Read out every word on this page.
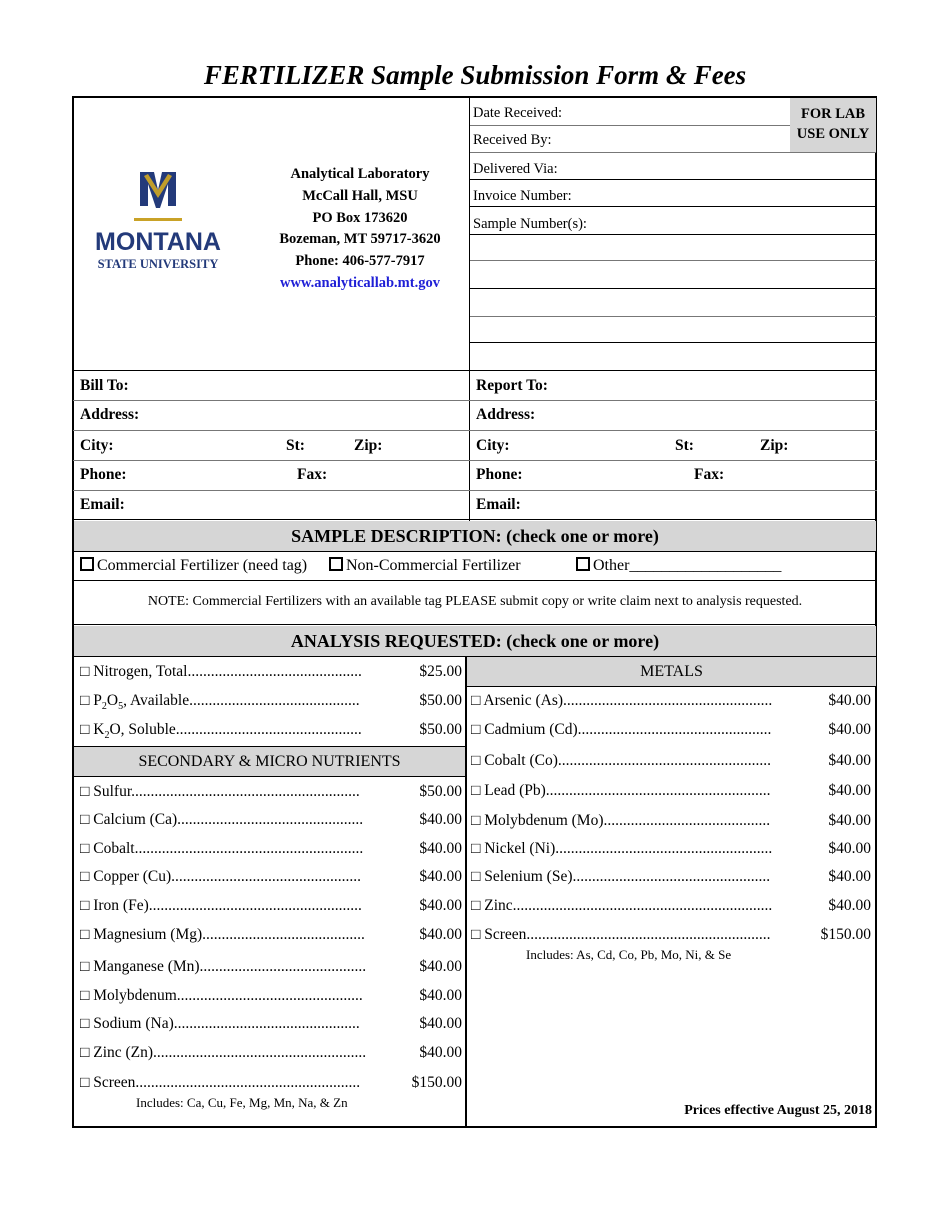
FERTILIZER Sample Submission Form & Fees
MONTANA
STATE UNIVERSITY
Analytical Laboratory
McCall Hall, MSU
PO Box 173620
Bozeman, MT 59717-3620
Phone: 406-577-7917
www.analyticallab.mt.gov
FOR LAB USE ONLY
Date Received:
Received By:
Delivered Via:
Invoice Number:
Sample Number(s):
Bill To:
Address:
City:	St:	Zip:
Phone:	Fax:
Email:
Report To:
Address:
City:	St:	Zip:
Phone:	Fax:
Email:
SAMPLE DESCRIPTION: (check one or more)
Commercial Fertilizer (need tag)	Non-Commercial Fertilizer	Other___________________
NOTE: Commercial Fertilizers with an available tag PLEASE submit copy or write claim next to analysis requested.
ANALYSIS REQUESTED: (check one or more)
□ Nitrogen, Total.............................................	$25.00
□ $P_2O_5$, Available............................................	$50.00
□ $K_2O$, Soluble................................................	$50.00
SECONDARY & MICRO NUTRIENTS
□ Sulfur...........................................................	$50.00
□ Calcium (Ca)................................................	$40.00
□ Cobalt...........................................................	$40.00
□ Copper (Cu).................................................	$40.00
□ Iron (Fe).......................................................	$40.00
□ Magnesium (Mg)..........................................	$40.00
□ Manganese (Mn)...........................................	$40.00
□ Molybdenum................................................	$40.00
□ Sodium (Na)................................................	$40.00
□ Zinc (Zn).......................................................	$40.00
□ Screen..........................................................	$150.00
Includes: Ca, Cu, Fe, Mg, Mn, Na, & Zn
METALS
□ Arsenic (As)......................................................	$40.00
□ Cadmium (Cd)..................................................	$40.00
□ Cobalt (Co).......................................................	$40.00
□ Lead (Pb)..........................................................	$40.00
□ Molybdenum (Mo)...........................................	$40.00
□ Nickel (Ni)........................................................	$40.00
□ Selenium (Se)...................................................	$40.00
□ Zinc...................................................................	$40.00
□ Screen...............................................................	$150.00
Includes: As, Cd, Co, Pb, Mo, Ni, & Se
Prices effective August 25, 2018
